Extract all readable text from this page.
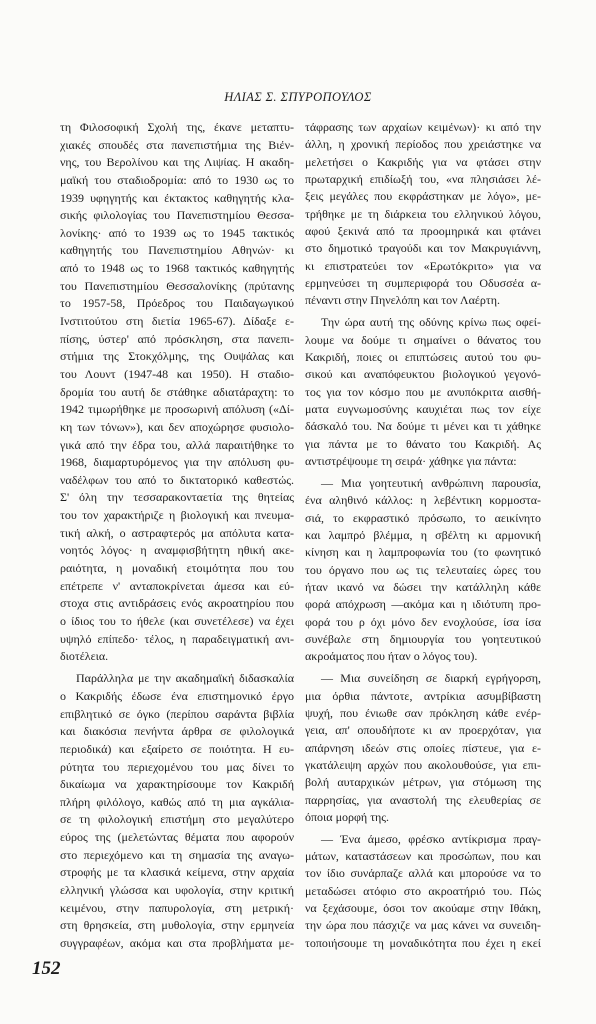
ΗΛΙΑΣ Σ. ΣΠΥΡΟΠΟΥΛΟΣ
τη Φιλοσοφική Σχολή της, έκανε μεταπτυ-
χιακές σπουδές στα πανεπιστήμια της Βιέν-
νης, του Βερολίνου και της Λιψίας. Η ακαδη-
μαϊκή του σταδιοδρομία: από το 1930 ως το
1939 υφηγητής και έκτακτος καθηγητής κλα-
σικής φιλολογίας του Πανεπιστημίου Θεσσα-
λονίκης· από το 1939 ως το 1945 τακτικός
καθηγητής του Πανεπιστημίου Αθηνών· κι
από το 1948 ως το 1968 τακτικός καθηγητής
του Πανεπιστημίου Θεσσαλονίκης (πρύτανης
το 1957-58, Πρόεδρος του Παιδαγωγικού
Ινστιτούτου στη διετία 1965-67). Δίδαξε ε-
πίσης, ύστερ' από πρόσκληση, στα πανεπι-
στήμια της Στοκχόλμης, της Ουψάλας και
του Λουντ (1947-48 και 1950). Η σταδιο-
δρομία του αυτή δε στάθηκε αδιατάραχτη: το
1942 τιμωρήθηκε με προσωρινή απόλυση («Δί-
κη των τόνων»), και δεν αποχώρησε φυσιολο-
γικά από την έδρα του, αλλά παραιτήθηκε το
1968, διαμαρτυρόμενος για την απόλυση φυ-
ναδέλφων του από το δικτατορικό καθεστώς.
Σ' όλη την τεσσαρακονταετία της θητείας
του τον χαρακτήριζε η βιολογική και πνευμα-
τική αλκή, ο αστραφτερός μα απόλυτα κατα-
νοητός λόγος· η αναμφισβήτητη ηθική ακε-
ραιότητα, η μοναδική ετοιμότητα που του
επέτρεπε ν' ανταποκρίνεται άμεσα και εύ-
στοχα στις αντιδράσεις ενός ακροατηρίου που
ο ίδιος του το ήθελε (και συνετέλεσε) να έχει
υψηλό επίπεδο· τέλος, η παραδειγματική ανι-
διοτέλεια.
Παράλληλα με την ακαδημαϊκή διδασκαλία
ο Κακριδής έδωσε ένα επιστημονικό έργο
επιβλητικό σε όγκο (περίπου σαράντα βιβλία
και διακόσια πενήντα άρθρα σε φιλολογικά
περιοδικά) και εξαίρετο σε ποιότητα. Η ευ-
ρύτητα του περιεχομένου του μας δίνει το
δικαίωμα να χαρακτηρίσουμε τον Κακριδή
πλήρη φιλόλογο, καθώς από τη μια αγκάλια-
σε τη φιλολογική επιστήμη στο μεγαλύτερο
εύρος της (μελετώντας θέματα που αφορούν
στο περιεχόμενο και τη σημασία της αναγω-
στροφής με τα κλασικά κείμενα, στην αρχαία
ελληνική γλώσσα και υφολογία, στην κριτική
κειμένου, στην παπυρολογία, στη μετρική·
στη θρησκεία, στη μυθολογία, στην ερμηνεία
συγγραφέων, ακόμα και στα προβλήματα με-
τάφρασης των αρχαίων κειμένων)· κι από την
άλλη, η χρονική περίοδος που χρειάστηκε να
μελετήσει ο Κακριδής για να φτάσει στην
πρωταρχική επιδίωξή του, «να πλησιάσει λέ-
ξεις μεγάλες που εκφράστηκαν με λόγο», με-
τρήθηκε με τη διάρκεια του ελληνικού λόγου,
αφού ξεκινά από τα προομηρικά και φτάνει
στο δημοτικό τραγούδι και τον Μακρυγιάννη,
κι επιστρατεύει τον «Ερωτόκριτο» για να
ερμηνεύσει τη συμπεριφορά του Οδυσσέα α-
πέναντι στην Πηνελόπη και τον Λαέρτη.
Την ώρα αυτή της οδύνης κρίνω πως οφεί-
λουμε να δούμε τι σημαίνει ο θάνατος του
Κακριδή, ποιες οι επιπτώσεις αυτού του φυ-
σικού και αναπόφευκτου βιολογικού γεγονό-
τος για τον κόσμο που με ανυπόκριτα αισθή-
ματα ευγνωμοσύνης καυχιέται πως τον είχε
δάσκαλό του. Να δούμε τι μένει και τι χάθηκε
για πάντα με το θάνατο του Κακριδή. Ας
αντιστρέψουμε τη σειρά· χάθηκε για πάντα:
— Μια γοητευτική ανθρώπινη παρουσία,
ένα αληθινό κάλλος: η λεβέντικη κορμοστα-
σιά, το εκφραστικό πρόσωπο, το αεικίνητο
και λαμπρό βλέμμα, η σβέλτη κι αρμονική
κίνηση και η λαμπροφωνία του (το φωνητικό
του όργανο που ως τις τελευταίες ώρες του
ήταν ικανό να δώσει την κατάλληλη κάθε
φορά απόχρωση —ακόμα και η ιδιότυπη προ-
φορά του ρ όχι μόνο δεν ενοχλούσε, ίσα ίσα
συνέβαλε στη δημιουργία του γοητευτικού
ακροάματος που ήταν ο λόγος του).
— Μια συνείδηση σε διαρκή εγρήγορση,
μια όρθια πάντοτε, αντρίκια ασυμβίβαστη
ψυχή, που ένιωθε σαν πρόκληση κάθε ενέρ-
γεια, απ' οπουδήποτε κι αν προερχόταν, για
απάρνηση ιδεών στις οποίες πίστευε, για ε-
γκατάλειψη αρχών που ακολουθούσε, για επι-
βολή αυταρχικών μέτρων, για στόμωση της
παρρησίας, για αναστολή της ελευθερίας σε
όποια μορφή της.
— Ένα άμεσο, φρέσκο αντίκρισμα πραγ-
μάτων, καταστάσεων και προσώπων, που και
τον ίδιο συνάρπαζε αλλά και μπορούσε να το
μεταδώσει ατόφιο στο ακροατήριό του. Πώς
να ξεχάσουμε, όσοι τον ακούαμε στην Ιθάκη,
την ώρα που πάσχιζε να μας κάνει να συνειδη-
τοποιήσουμε τη μοναδικότητα που έχει η εκεί
152
